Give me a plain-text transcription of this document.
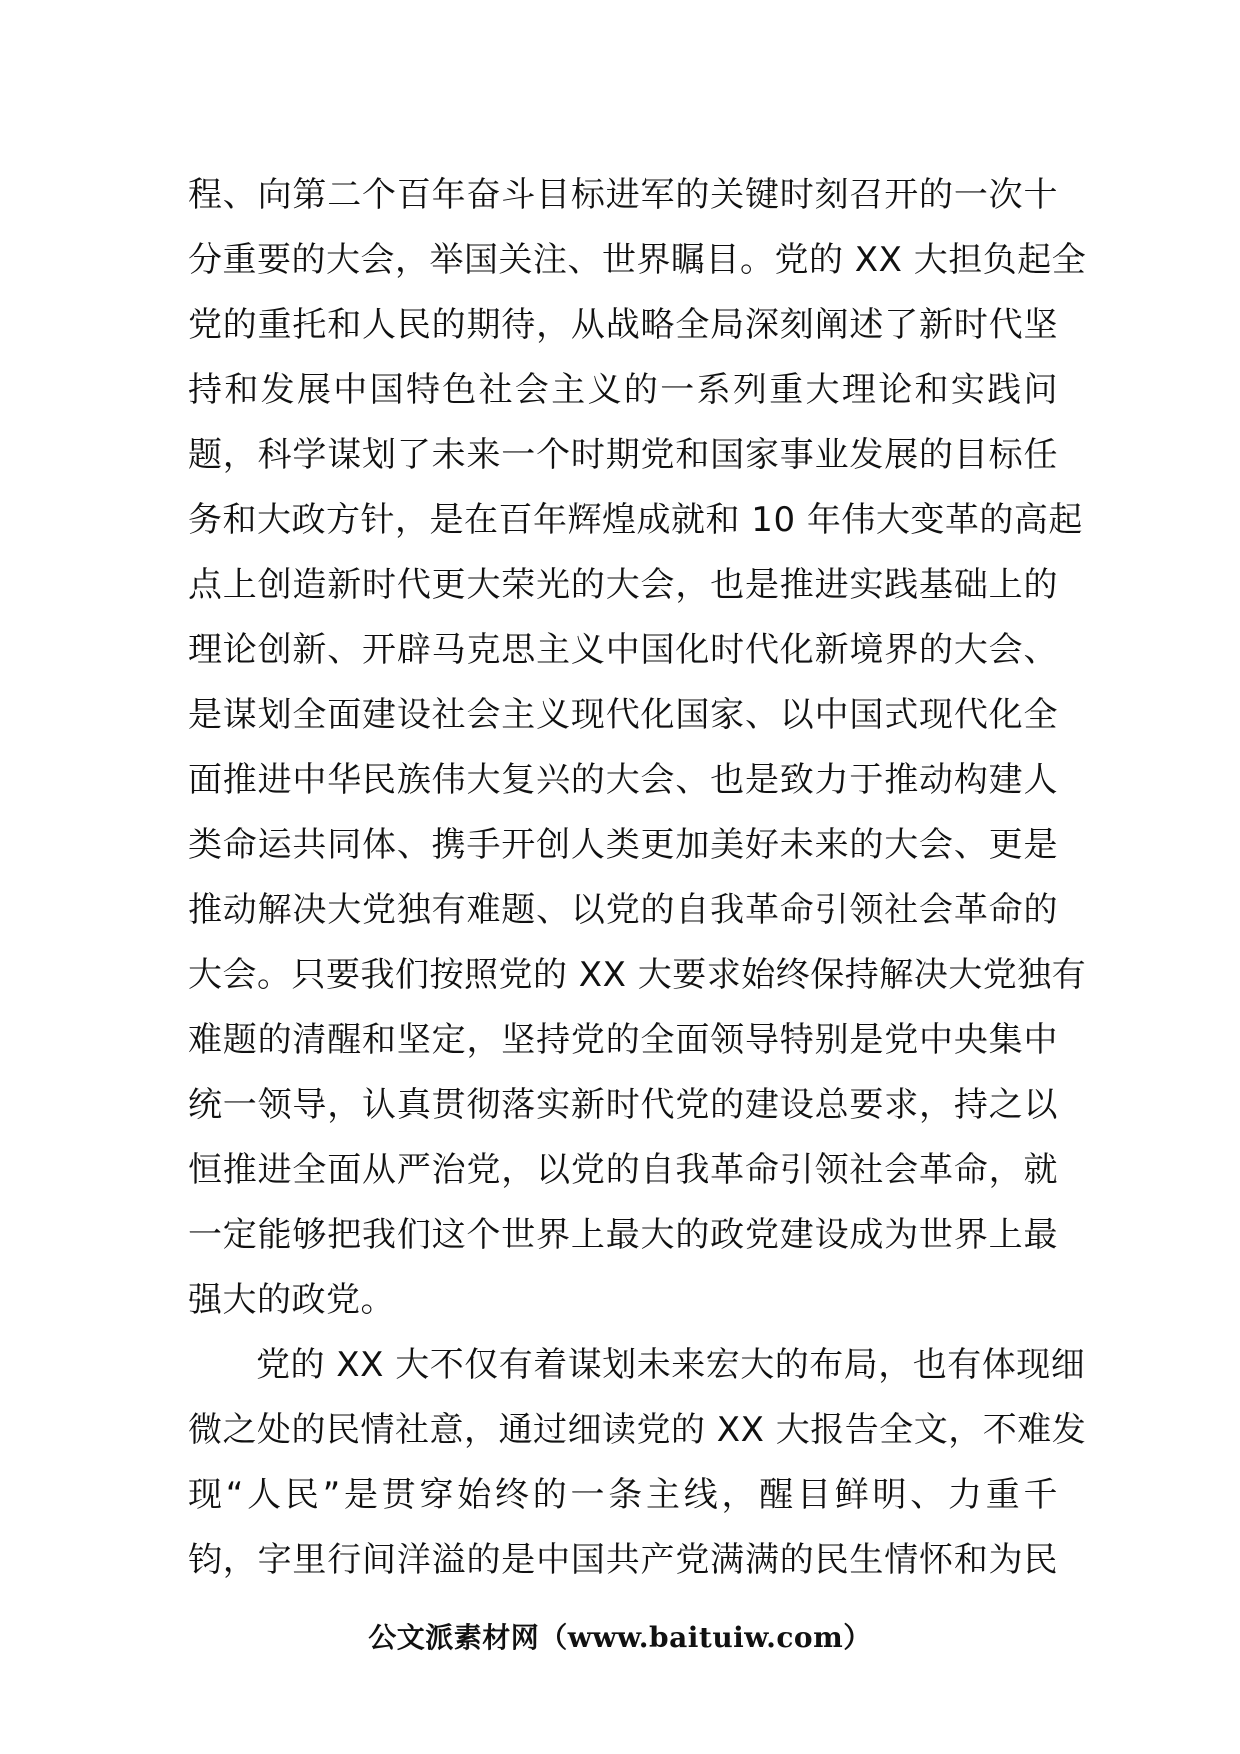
程、向第二个百年奋斗目标进军的关键时刻召开的一次十
分重要的大会，举国关注、世界瞩目。党的 XX 大担负起全
党的重托和人民的期待，从战略全局深刻阐述了新时代坚
持和发展中国特色社会主义的一系列重大理论和实践问
题，科学谋划了未来一个时期党和国家事业发展的目标任
务和大政方针，是在百年辉煌成就和 10 年伟大变革的高起
点上创造新时代更大荣光的大会，也是推进实践基础上的
理论创新、开辟马克思主义中国化时代化新境界的大会、
是谋划全面建设社会主义现代化国家、以中国式现代化全
面推进中华民族伟大复兴的大会、也是致力于推动构建人
类命运共同体、携手开创人类更加美好未来的大会、更是
推动解决大党独有难题、以党的自我革命引领社会革命的
大会。只要我们按照党的 XX 大要求始终保持解决大党独有
难题的清醒和坚定，坚持党的全面领导特别是党中央集中
统一领导，认真贯彻落实新时代党的建设总要求，持之以
恒推进全面从严治党，以党的自我革命引领社会革命，就
一定能够把我们这个世界上最大的政党建设成为世界上最
强大的政党。
党的 XX 大不仅有着谋划未来宏大的布局，也有体现细
微之处的民情社意，通过细读党的 XX 大报告全文，不难发
现“人民”是贯穿始终的一条主线，醒目鲜明、力重千
钧，字里行间洋溢的是中国共产党满满的民生情怀和为民
公文派素材网（www.baituiw.com）
